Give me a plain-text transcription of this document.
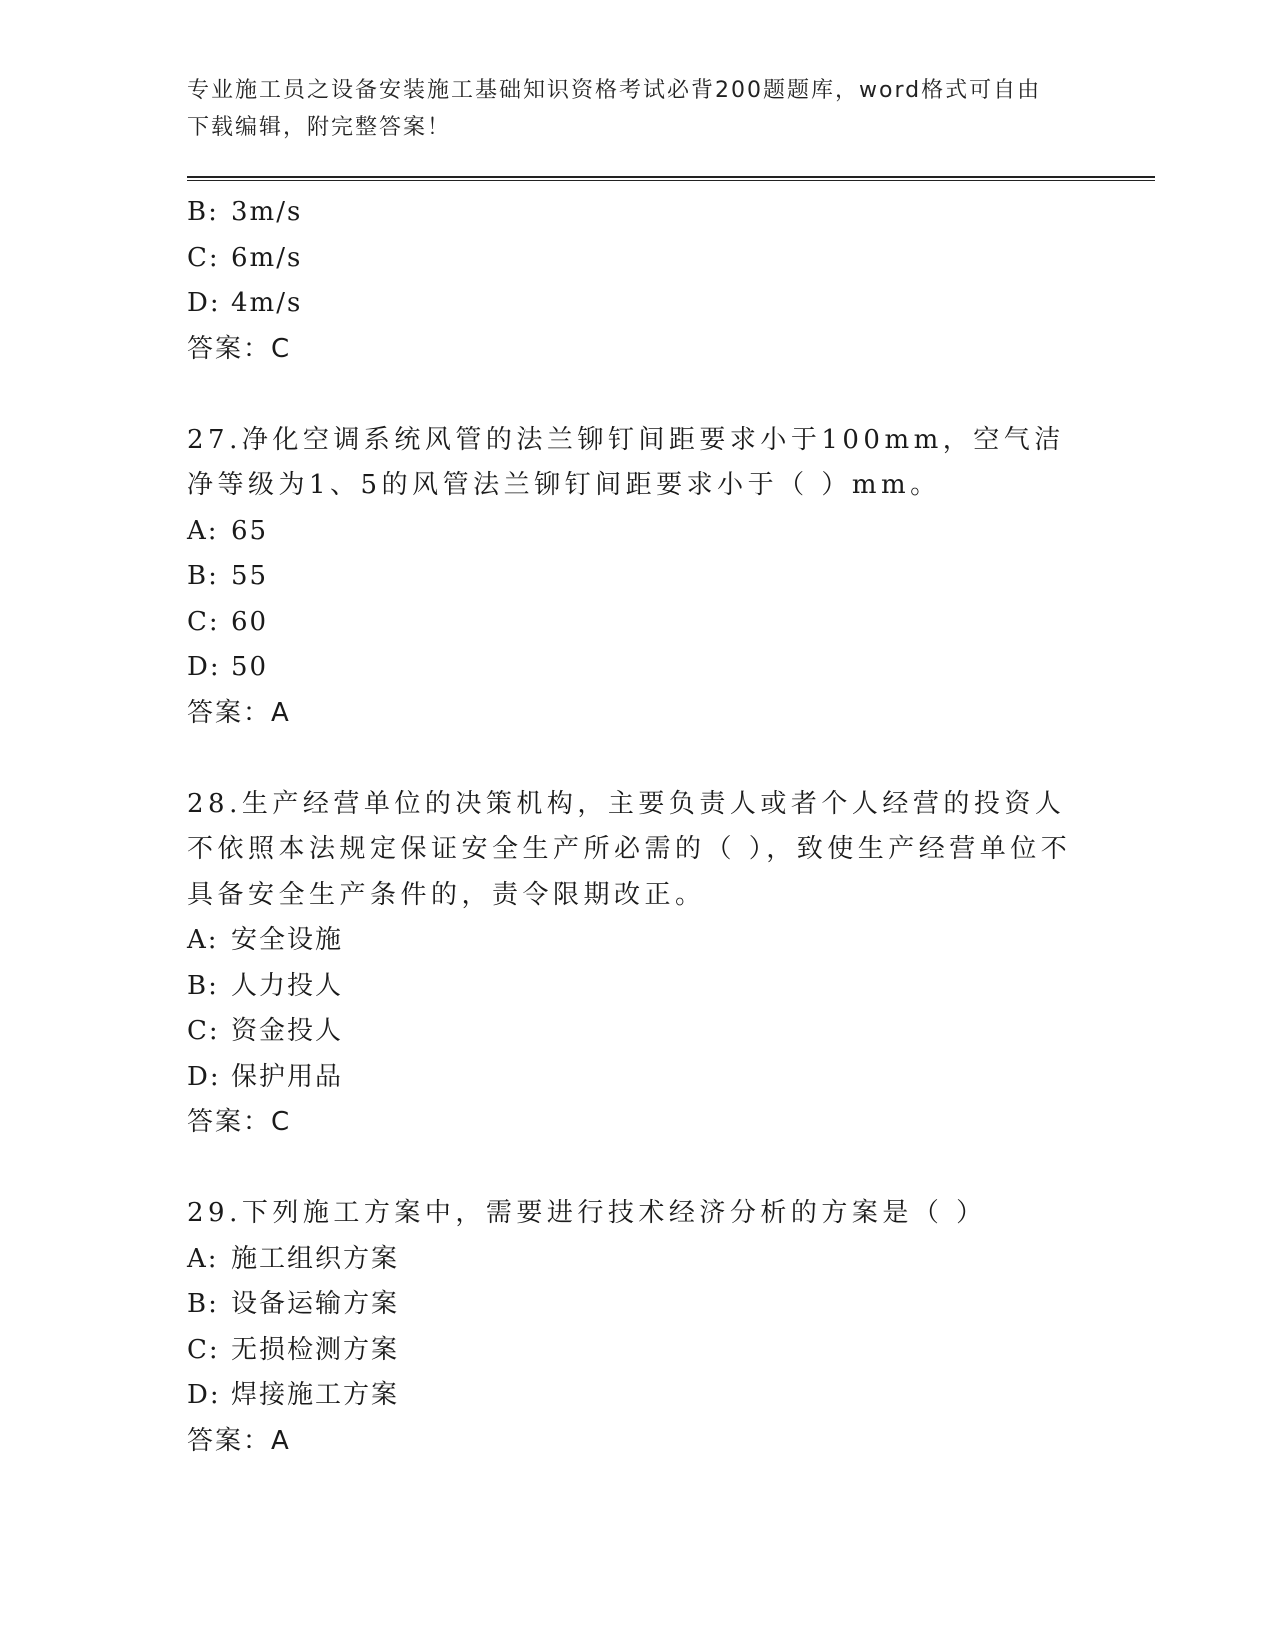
专业施工员之设备安装施工基础知识资格考试必背200题题库，word格式可自由
下载编辑，附完整答案！
B: 3m/s
C: 6m/s
D: 4m/s
答案：C
27.净化空调系统风管的法兰铆钉间距要求小于100mm，空气洁净等级为1、5的风管法兰铆钉间距要求小于（ ）mm。
A: 65
B: 55
C: 60
D: 50
答案：A
28.生产经营单位的决策机构，主要负责人或者个人经营的投资人不依照本法规定保证安全生产所必需的（ ），致使生产经营单位不具备安全生产条件的，责令限期改正。
A: 安全设施
B: 人力投人
C: 资金投人
D: 保护用品
答案：C
29.下列施工方案中，需要进行技术经济分析的方案是（ ）
A: 施工组织方案
B: 设备运输方案
C: 无损检测方案
D: 焊接施工方案
答案：A
